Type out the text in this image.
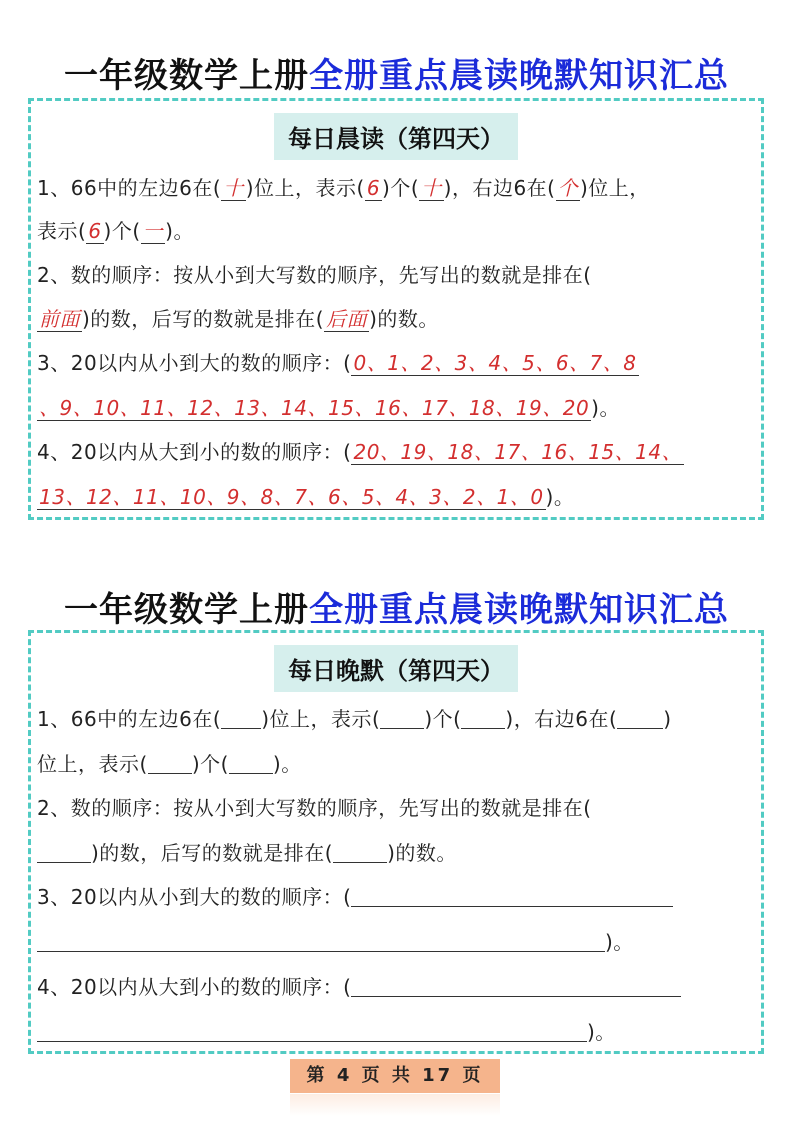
一年级数学上册全册重点晨读晚默知识汇总
每日晨读（第四天）
1、66中的左边6在( 十 )位上，表示( 6 )个( 十 )，右边6在( 个 )位上，
表示( 6 )个( 一 )。
2、数的顺序：按从小到大写数的顺序，先写出的数就是排在(
前面 )的数，后写的数就是排在( 后面 )的数。
3、20以内从小到大的数的顺序：( 0、1、2、3、4、5、6、7、8
、9、10、11、12、13、14、15、16、17、18、19、20 )。
4、20以内从大到小的数的顺序：( 20、19、18、17、16、15、14、
13、12、11、10、9、8、7、6、5、4、3、2、1、0 )。
一年级数学上册全册重点晨读晚默知识汇总
每日晚默（第四天）
1、66中的左边6在( )位上，表示( )个( )，右边6在( )
位上，表示( )个( )。
2、数的顺序：按从小到大写数的顺序，先写出的数就是排在(
)的数，后写的数就是排在(	)的数。
3、20以内从小到大的数的顺序：(
)。
4、20以内从大到小的数的顺序：(
)。
第 4 页 共 17 页
